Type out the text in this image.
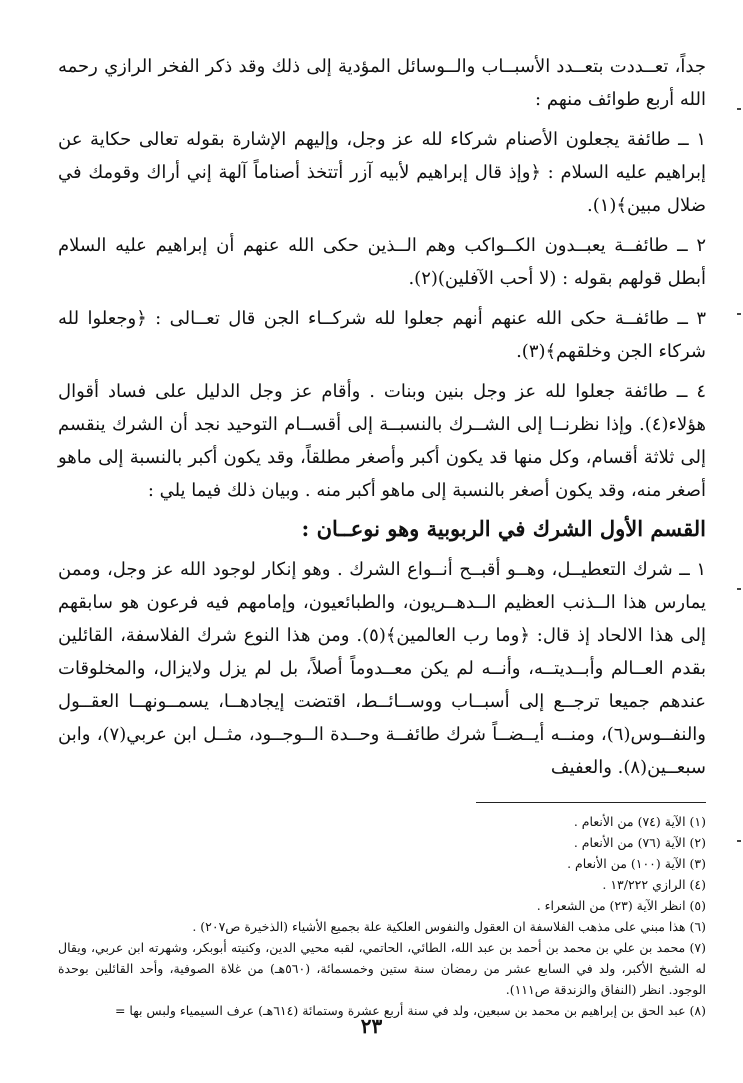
جداً، تعــددت بتعــدد الأسبــاب والــوسائل المؤدية إلى ذلك وقد ذكر الفخر الرازي رحمه الله أربع طوائف منهم :

١ ــ طائفة يجعلون الأصنام شركاء لله عز وجل، وإليهم الإشارة بقوله تعالى حكاية عن إبراهيم عليه السلام : ﴿وإذ قال إبراهيم لأبيه آزر أتتخذ أصناماً آلهة إني أراك وقومك في ضلال مبين﴾(١).

٢ ــ طائفــة يعبــدون الكــواكب وهم الــذين حكى الله عنهم أن إبراهيم عليه السلام أبطل قولهم بقوله : (لا أحب الآفلين)(٢).

٣ ــ طائفــة حكى الله عنهم أنهم جعلوا لله شركــاء الجن قال تعــالى : ﴿وجعلوا لله شركاء الجن وخلقهم﴾(٣).

٤ ــ طائفة جعلوا لله عز وجل بنين وبنات . وأقام عز وجل الدليل على فساد أقوال هؤلاء(٤). وإذا نظرنــا إلى الشــرك بالنسبــة إلى أقســام التوحيد نجد أن الشرك ينقسم إلى ثلاثة أقسام، وكل منها قد يكون أكبر وأصغر مطلقاً، وقد يكون أكبر بالنسبة إلى ماهو أصغر منه، وقد يكون أصغر بالنسبة إلى ماهو أكبر منه . وبيان ذلك فيما يلي :

القسم الأول الشرك في الربوبية وهو نوعــان :

١ ــ شرك التعطيــل، وهــو أقبــح أنــواع الشرك . وهو إنكار لوجود الله عز وجل، وممن يمارس هذا الــذنب العظيم الــدهــريون، والطبائعيون، وإمامهم فيه فرعون هو سابقهم إلى هذا الالحاد إذ قال: ﴿وما رب العالمين﴾(٥). ومن هذا النوع شرك الفلاسفة، القائلين بقدم العــالم وأبــديتــه، وأنــه لم يكن معــدوماً أصلاً، بل لم يزل ولايزال، والمخلوقات عندهم جميعا ترجــع إلى أسبــاب ووســائــط، اقتضت إيجادهــا، يسمــونهــا العقــول والنفــوس(٦)، ومنــه أيــضــاً شرك طائفــة وحــدة الــوجــود، مثــل ابن عربي(٧)، وابن سبعــين(٨). والعفيف

(١) الآية (٧٤) من الأنعام .

(٢) الآية (٧٦) من الأنعام .

(٣) الآية (١٠٠) من الأنعام .

(٤) الرازي ١٣/٢٢٢ .

(٥) انظر الآية (٢٣) من الشعراء .

(٦) هذا مبني على مذهب الفلاسفة ان العقول والنفوس العلكية علة بجميع الأشياء (الذخيرة ص٢٠٧) .

(٧) محمد بن علي بن محمد بن أحمد بن عبد الله، الطائي، الحاتمي، لقبه محيي الدين، وكنيته أبوبكر، وشهرته ابن عربي، ويقال له الشيخ الأكبر، ولد في السابع عشر من رمضان سنة ستين وخمسمائة، (٥٦٠هـ) من غلاة الصوفية، وأحد القائلين بوحدة الوجود. انظر (النفاق والزندقة ص١١١).

(٨) عبد الحق بن إبراهيم بن محمد بن سبعين، ولد في سنة أربع عشرة وستمائة (٦١٤هـ) عرف السيمياء ولبس بها =

٢٣
